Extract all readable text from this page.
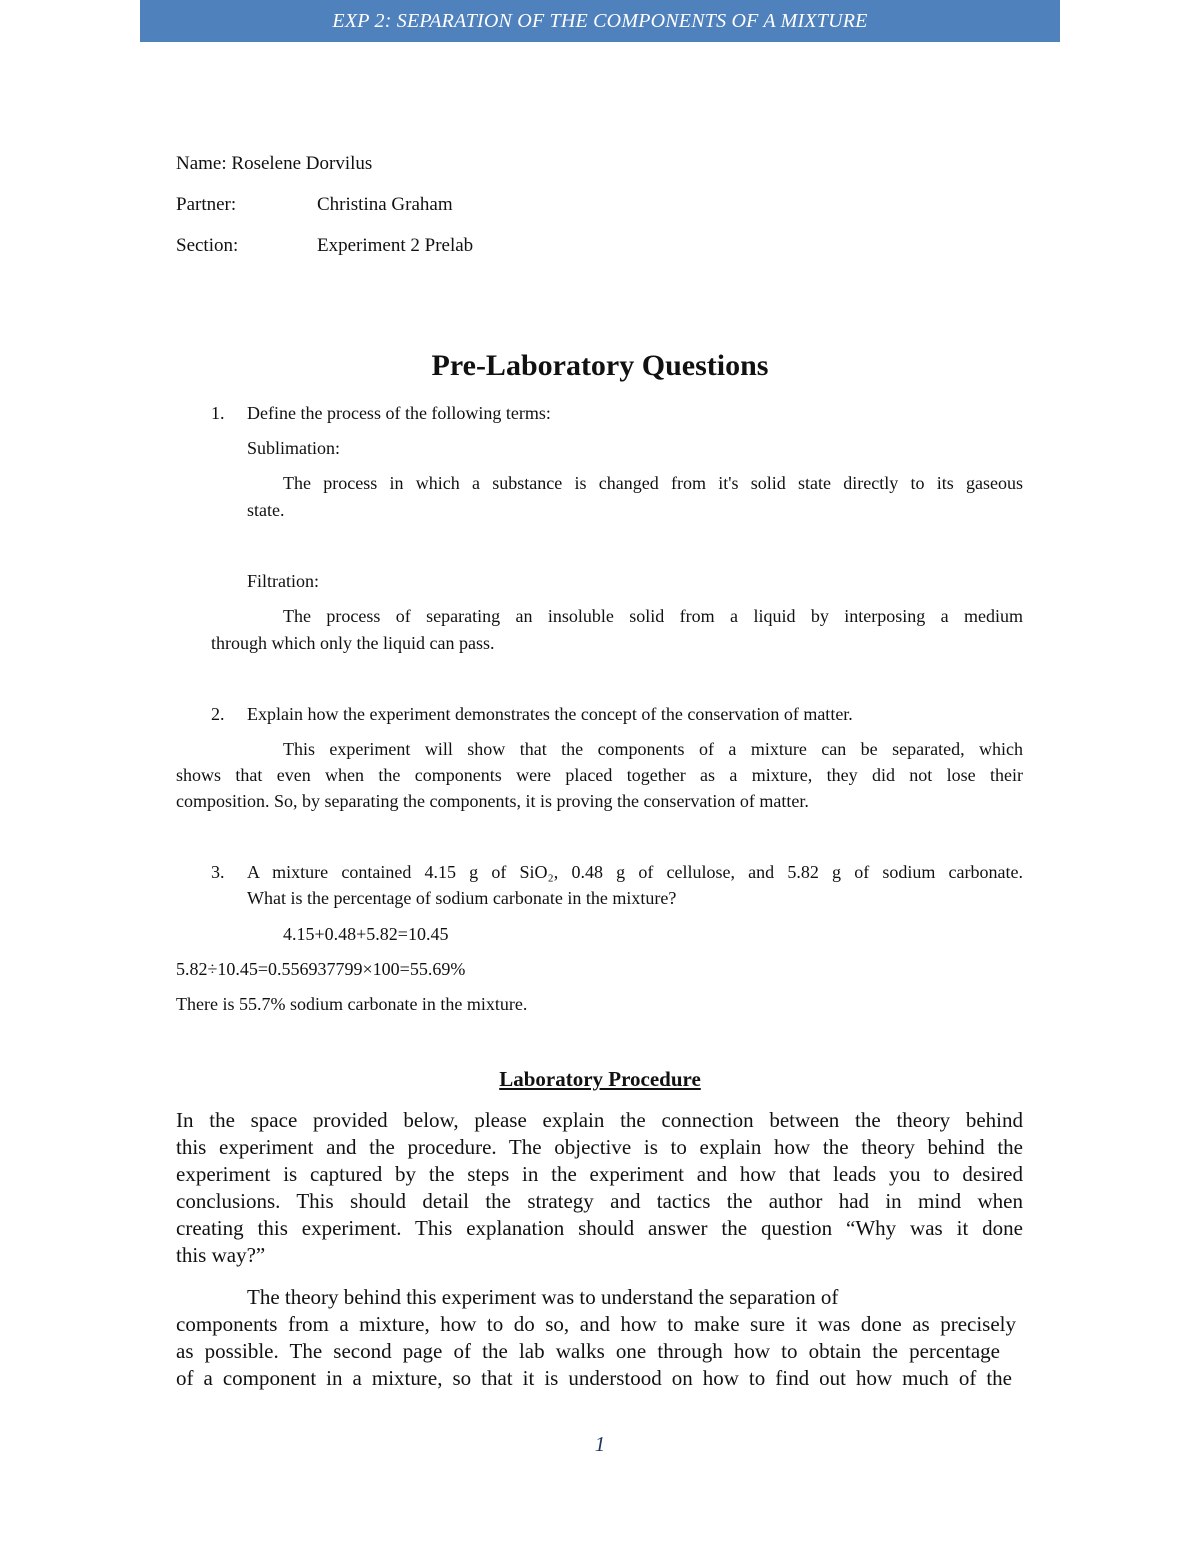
EXP 2: SEPARATION OF THE COMPONENTS OF A MIXTURE
Name: Roselene Dorvilus
Partner:	Christina Graham
Section:	Experiment 2 Prelab
Pre-Laboratory Questions
1. Define the process of the following terms:
Sublimation:
The process in which a substance is changed from it's solid state directly to its gaseous
state.
Filtration:
The process of separating an insoluble solid from a liquid by interposing a medium
through which only the liquid can pass.
2. Explain how the experiment demonstrates the concept of the conservation of matter.
This experiment will show that the components of a mixture can be separated, which
shows that even when the components were placed together as a mixture, they did not lose their
composition. So, by separating the components, it is proving the conservation of matter.
3. A mixture contained 4.15 g of SiO₂, 0.48 g of cellulose, and 5.82 g of sodium carbonate.
What is the percentage of sodium carbonate in the mixture?
4.15+0.48+5.82=10.45
5.82÷10.45=0.556937799×100=55.69%
There is 55.7% sodium carbonate in the mixture.
Laboratory Procedure
In the space provided below, please explain the connection between the theory behind
this experiment and the procedure. The objective is to explain how the theory behind the
experiment is captured by the steps in the experiment and how that leads you to desired
conclusions. This should detail the strategy and tactics the author had in mind when
creating this experiment. This explanation should answer the question “Why was it done
this way?”
The theory behind this experiment was to understand the separation of
components from a mixture, how to do so, and how to make sure it was done as precisely
as possible. The second page of the lab walks one through how to obtain the percentage
of a component in a mixture, so that it is understood on how to find out how much of the
1
